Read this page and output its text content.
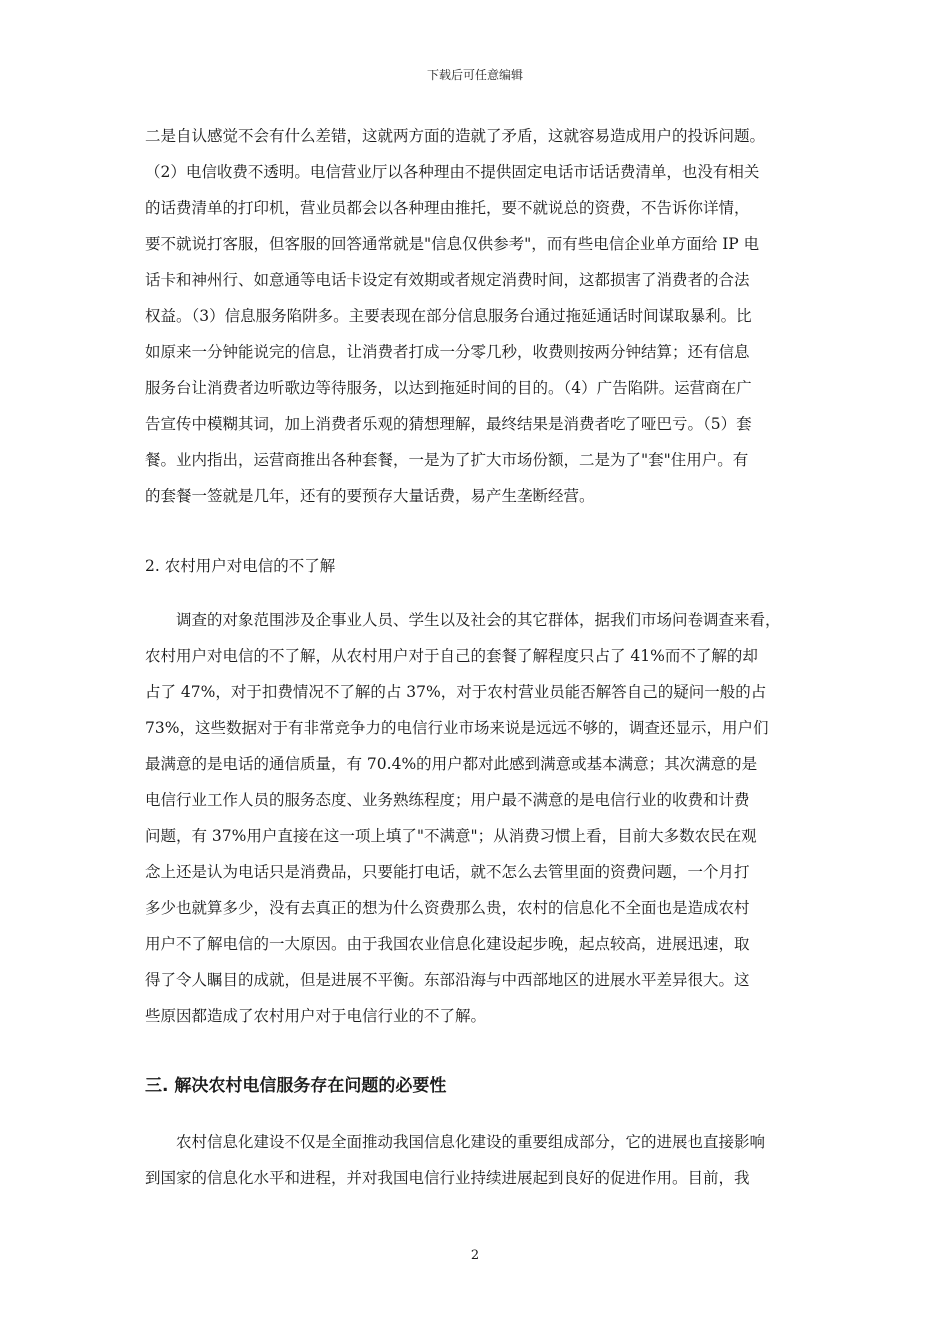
下载后可任意编辑
二是自认感觉不会有什么差错，这就两方面的造就了矛盾，这就容易造成用户的投诉问题。
（2）电信收费不透明。电信营业厅以各种理由不提供固定电话市话话费清单，也没有相关
的话费清单的打印机，营业员都会以各种理由推托，要不就说总的资费，不告诉你详情，
要不就说打客服，但客服的回答通常就是"信息仅供参考"，而有些电信企业单方面给 IP 电
话卡和神州行、如意通等电话卡设定有效期或者规定消费时间，这都损害了消费者的合法
权益。（3）信息服务陷阱多。主要表现在部分信息服务台通过拖延通话时间谋取暴利。比
如原来一分钟能说完的信息，让消费者打成一分零几秒，收费则按两分钟结算；还有信息
服务台让消费者边听歌边等待服务，以达到拖延时间的目的。（4）广告陷阱。运营商在广
告宣传中模糊其词，加上消费者乐观的猜想理解，最终结果是消费者吃了哑巴亏。（5）套
餐。业内指出，运营商推出各种套餐，一是为了扩大市场份额，二是为了"套"住用户。有
的套餐一签就是几年，还有的要预存大量话费，易产生垄断经营。
2. 农村用户对电信的不了解
　　调查的对象范围涉及企事业人员、学生以及社会的其它群体，据我们市场问卷调查来看，
农村用户对电信的不了解，从农村用户对于自己的套餐了解程度只占了 41%而不了解的却
占了 47%，对于扣费情况不了解的占 37%，对于农村营业员能否解答自己的疑问一般的占
73%，这些数据对于有非常竞争力的电信行业市场来说是远远不够的，调查还显示，用户们
最满意的是电话的通信质量，有 70.4%的用户都对此感到满意或基本满意；其次满意的是
电信行业工作人员的服务态度、业务熟练程度；用户最不满意的是电信行业的收费和计费
问题，有 37%用户直接在这一项上填了"不满意"；从消费习惯上看，目前大多数农民在观
念上还是认为电话只是消费品，只要能打电话，就不怎么去管里面的资费问题，一个月打
多少也就算多少，没有去真正的想为什么资费那么贵，农村的信息化不全面也是造成农村
用户不了解电信的一大原因。由于我国农业信息化建设起步晚，起点较高，进展迅速，取
得了令人瞩目的成就，但是进展不平衡。东部沿海与中西部地区的进展水平差异很大。这
些原因都造成了农村用户对于电信行业的不了解。
三. 解决农村电信服务存在问题的必要性
　　农村信息化建设不仅是全面推动我国信息化建设的重要组成部分，它的进展也直接影响
到国家的信息化水平和进程，并对我国电信行业持续进展起到良好的促进作用。目前，我
2
